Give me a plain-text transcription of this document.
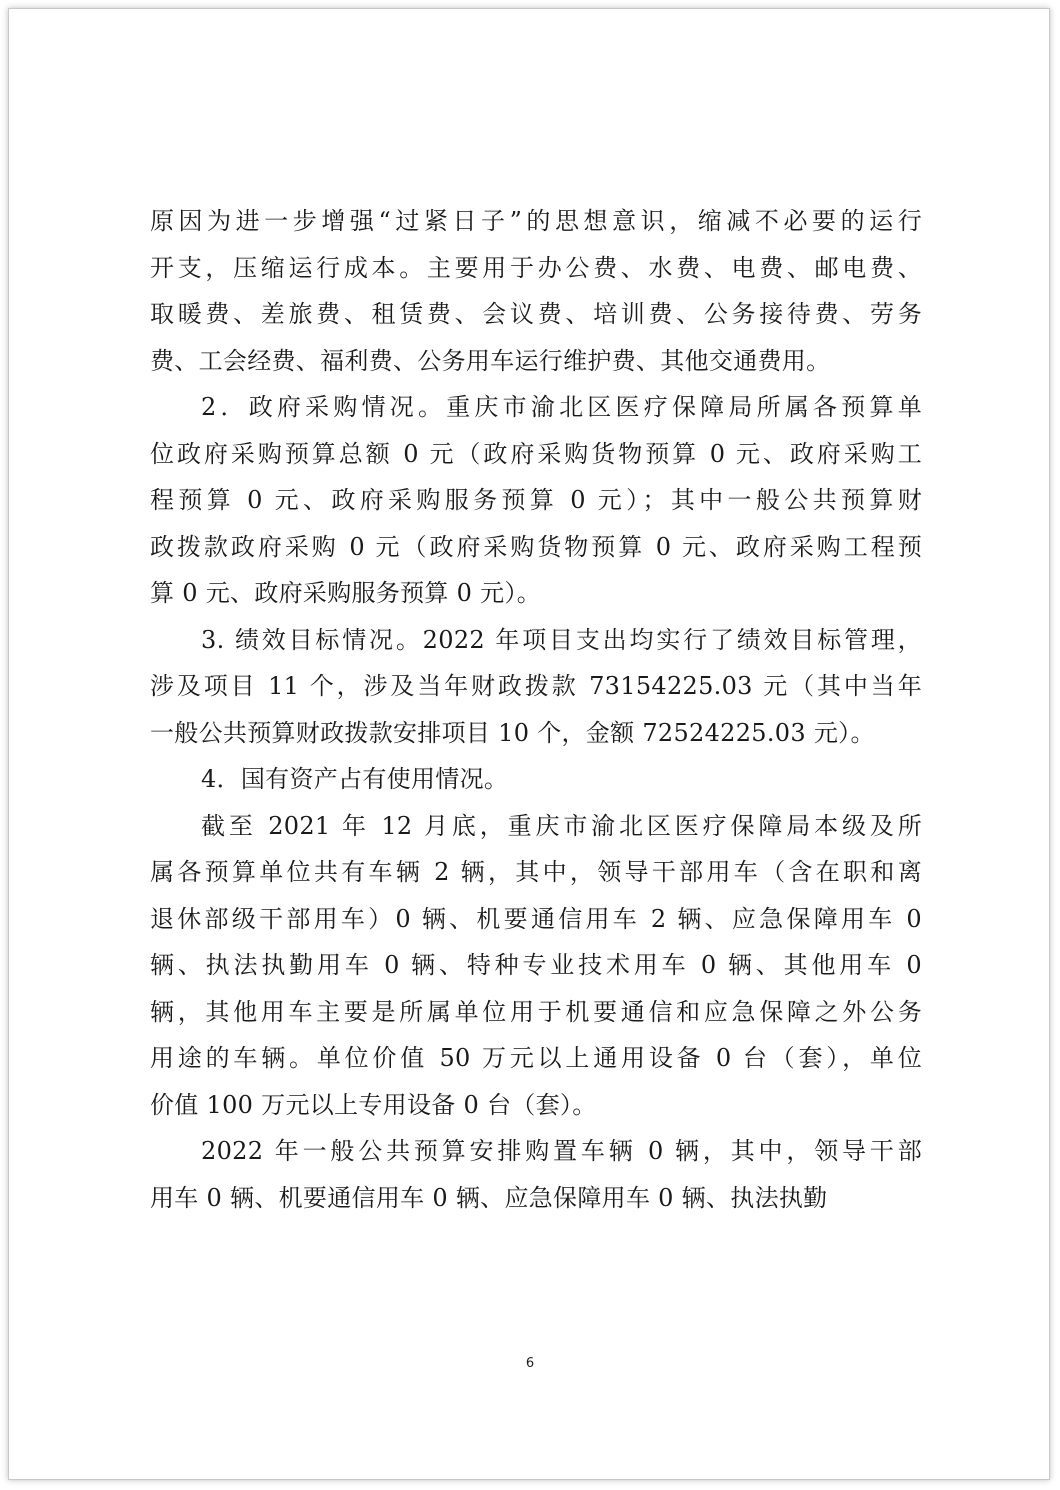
原因为进一步增强“过紧日子”的思想意识，缩减不必要的运行
开支，压缩运行成本。主要用于办公费、水费、电费、邮电费、
取暖费、差旅费、租赁费、会议费、培训费、公务接待费、劳务
费、工会经费、福利费、公务用车运行维护费、其他交通费用。
2．政府采购情况。重庆市渝北区医疗保障局所属各预算单
位政府采购预算总额 0 元（政府采购货物预算 0 元、政府采购工
程预算 0 元、政府采购服务预算 0 元）；其中一般公共预算财
政拨款政府采购 0 元（政府采购货物预算 0 元、政府采购工程预
算 0 元、政府采购服务预算 0 元）。
3. 绩效目标情况。2022 年项目支出均实行了绩效目标管理，
涉及项目 11 个，涉及当年财政拨款 73154225.03 元（其中当年
一般公共预算财政拨款安排项目 10 个，金额 72524225.03 元）。
4．国有资产占有使用情况。
截至 2021 年 12 月底，重庆市渝北区医疗保障局本级及所
属各预算单位共有车辆 2 辆，其中，领导干部用车（含在职和离
退休部级干部用车）0 辆、机要通信用车 2 辆、应急保障用车 0
辆、执法执勤用车 0 辆、特种专业技术用车 0 辆、其他用车 0
辆，其他用车主要是所属单位用于机要通信和应急保障之外公务
用途的车辆。单位价值 50 万元以上通用设备 0 台（套），单位
价值 100 万元以上专用设备 0 台（套）。
2022 年一般公共预算安排购置车辆 0 辆，其中，领导干部
用车 0 辆、机要通信用车 0 辆、应急保障用车 0 辆、执法执勤
6
